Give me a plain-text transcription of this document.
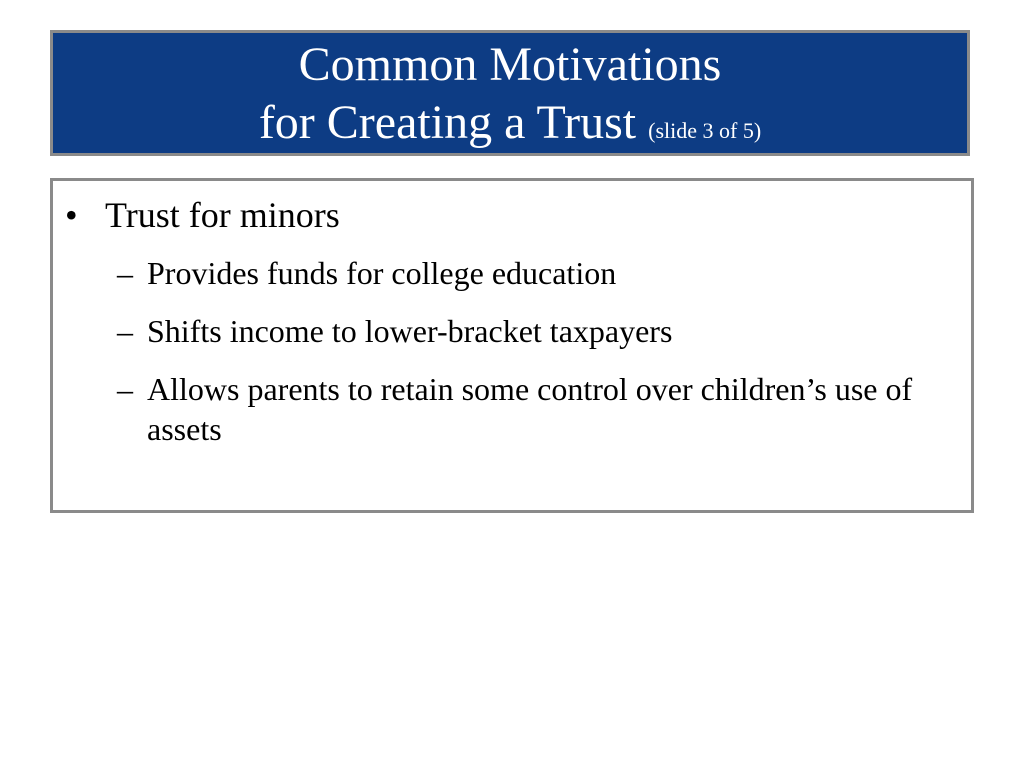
Common Motivations
for Creating a Trust (slide 3 of 5)
• Trust for minors
– Provides funds for college education
– Shifts income to lower-bracket taxpayers
– Allows parents to retain some control over children’s use of assets
